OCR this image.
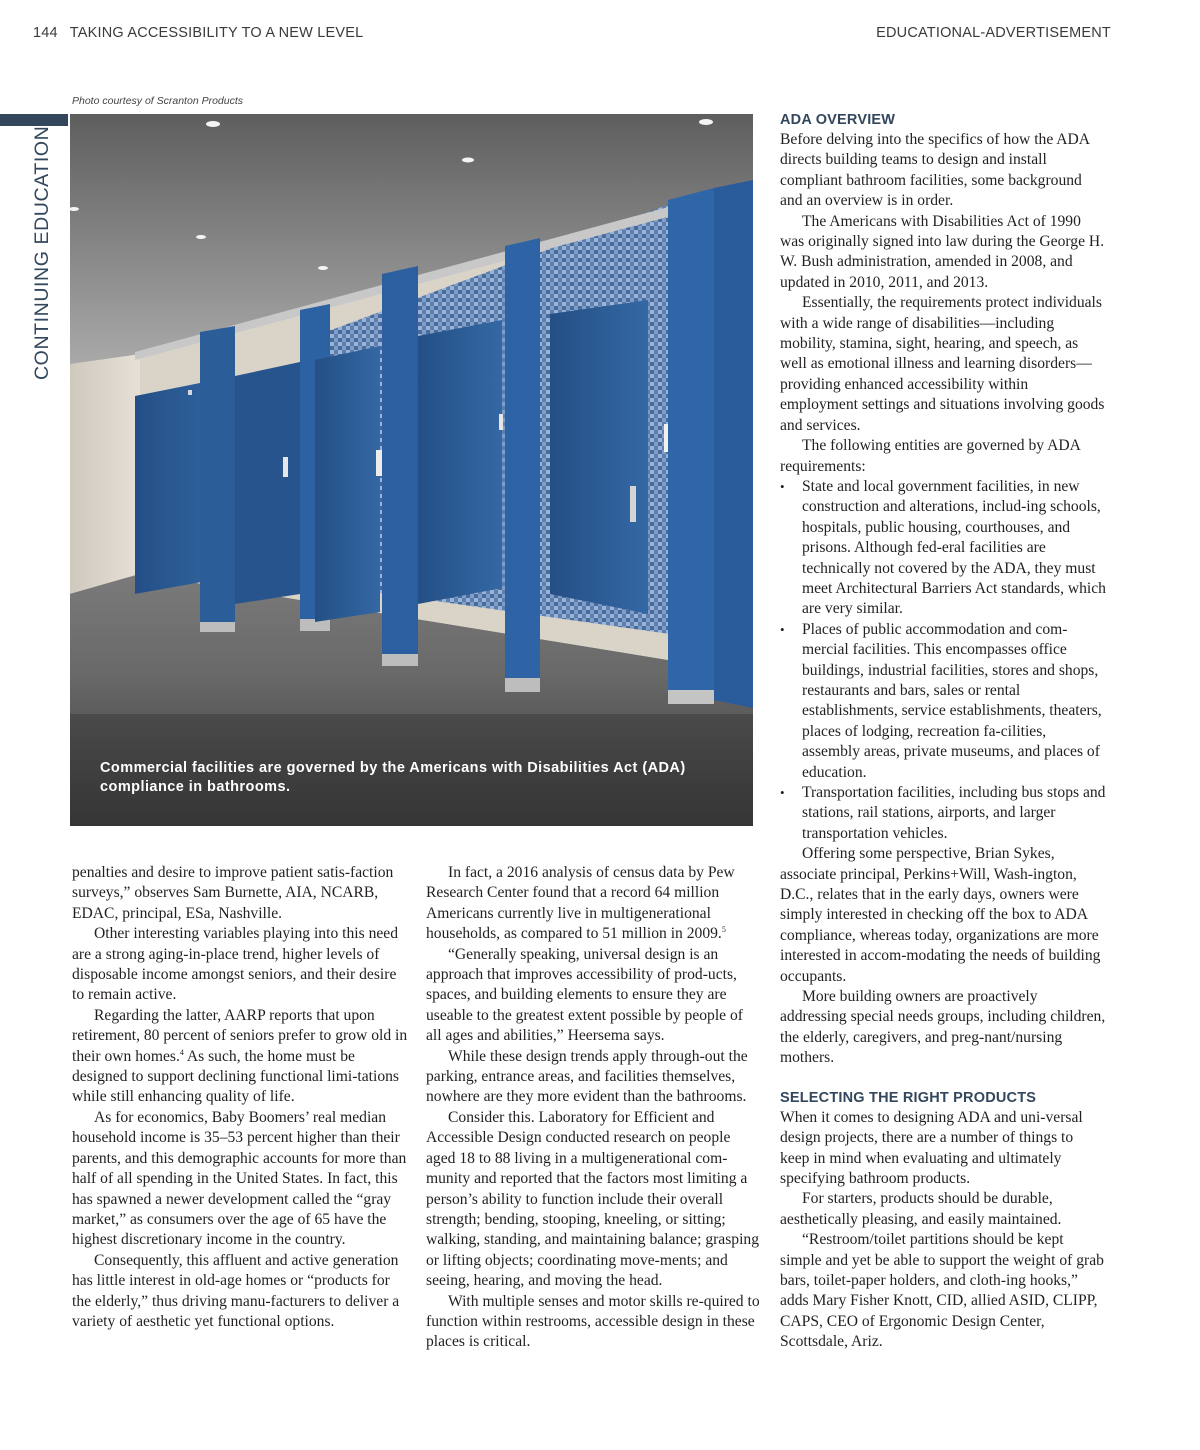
144 TAKING ACCESSIBILITY TO A NEW LEVEL	EDUCATIONAL-ADVERTISEMENT
CONTINUING EDUCATION
Photo courtesy of Scranton Products
Commercial facilities are governed by the Americans with Disabilities Act (ADA) compliance in bathrooms.

penalties and desire to improve patient satis-faction surveys,” observes Sam Burnette, AIA, NCARB, EDAC, principal, ESa, Nashville.

Other interesting variables playing into this need are a strong aging-in-place trend, higher levels of disposable income amongst seniors, and their desire to remain active.

Regarding the latter, AARP reports that upon retirement, 80 percent of seniors prefer to grow old in their own homes.$^4$ As such, the home must be designed to support declining functional limi-tations while still enhancing quality of life.

As for economics, Baby Boomers’ real median household income is 35–53 percent higher than their parents, and this demographic accounts for more than half of all spending in the United States. In fact, this has spawned a newer development called the “gray market,” as consumers over the age of 65 have the highest discretionary income in the country.

Consequently, this affluent and active generation has little interest in old-age homes or “products for the elderly,” thus driving manu-facturers to deliver a variety of aesthetic yet functional options.

In fact, a 2016 analysis of census data by Pew Research Center found that a record 64 million Americans currently live in multigenerational households, as compared to 51 million in 2009.$^5$

“Generally speaking, universal design is an approach that improves accessibility of prod-ucts, spaces, and building elements to ensure they are useable to the greatest extent possible by people of all ages and abilities,” Heersema says.

While these design trends apply through-out the parking, entrance areas, and facilities themselves, nowhere are they more evident than the bathrooms.

Consider this. Laboratory for Efficient and Accessible Design conducted research on people aged 18 to 88 living in a multigenerational com-munity and reported that the factors most limiting a person’s ability to function include their overall strength; bending, stooping, kneeling, or sitting; walking, standing, and maintaining balance; grasping or lifting objects; coordinating move-ments; and seeing, hearing, and moving the head.

With multiple senses and motor skills re-quired to function within restrooms, accessible design in these places is critical.

ADA OVERVIEW

Before delving into the specifics of how the ADA directs building teams to design and install compliant bathroom facilities, some background and an overview is in order.

The Americans with Disabilities Act of 1990 was originally signed into law during the George H. W. Bush administration, amended in 2008, and updated in 2010, 2011, and 2013.

Essentially, the requirements protect individuals with a wide range of disabilities—including mobility, stamina, sight, hearing, and speech, as well as emotional illness and learning disorders—providing enhanced accessibility within employment settings and situations involving goods and services.

The following entities are governed by ADA requirements:

• State and local government facilities, in new construction and alterations, includ-ing schools, hospitals, public housing, courthouses, and prisons. Although fed-eral facilities are technically not covered by the ADA, they must meet Architectural Barriers Act standards, which are very similar.
• Places of public accommodation and com-mercial facilities. This encompasses office buildings, industrial facilities, stores and shops, restaurants and bars, sales or rental establishments, service establishments, theaters, places of lodging, recreation fa-cilities, assembly areas, private museums, and places of education.
• Transportation facilities, including bus stops and stations, rail stations, airports, and larger transportation vehicles.

Offering some perspective, Brian Sykes, associate principal, Perkins+Will, Wash-ington, D.C., relates that in the early days, owners were simply interested in checking off the box to ADA compliance, whereas today, organizations are more interested in accom-modating the needs of building occupants.

More building owners are proactively addressing special needs groups, including children, the elderly, caregivers, and preg-nant/nursing mothers.

SELECTING THE RIGHT PRODUCTS

When it comes to designing ADA and uni-versal design projects, there are a number of things to keep in mind when evaluating and ultimately specifying bathroom products.

For starters, products should be durable, aesthetically pleasing, and easily maintained.

“Restroom/toilet partitions should be kept simple and yet be able to support the weight of grab bars, toilet-paper holders, and cloth-ing hooks,” adds Mary Fisher Knott, CID, allied ASID, CLIPP, CAPS, CEO of Ergonomic Design Center, Scottsdale, Ariz.
